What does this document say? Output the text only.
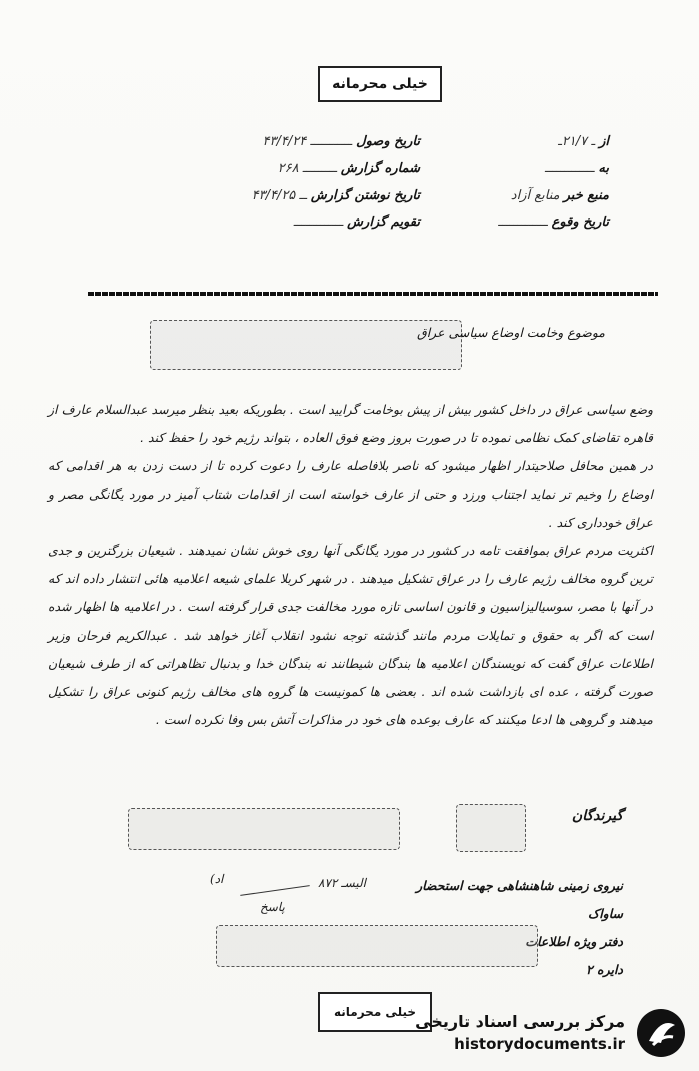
خیلی محرمانه
از
ـ ۲۱/۷ـ
به
ـــــــــــــ
منبع خبر
منابع آزاد
تاریخ وقوع
ـــــــــــــ
تاریخ وصول
ـــــــــــ
۴۳/۴/۲۴
شماره گزارش
ـــــــــ
۲۶۸
تاریخ نوشتن گزارش
ــ
۴۳/۴/۲۵
تقویم گزارش
ـــــــــــــ
موضوع وخامت اوضاع سیاسی عراق

وضع سیاسی عراق در داخل کشور بیش از پیش بوخامت گرایید است . بطوریکه بعید بنظر میرسد عبدالسلام عارف از قاهره تقاضای کمک نظامی نموده تا در صورت بروز وضع فوق العاده ، بتواند رژیم خود را حفظ کند .

در همین محافل صلاحیتدار اظهار میشود که ناصر بلافاصله عارف را دعوت کرده تا از دست زدن به هر اقدامی که اوضاع را وخیم تر نماید اجتناب ورزد و حتی از عارف خواسته است از اقدامات شتاب آمیز در مورد یگانگی مصر و عراق خودداری کند .

اکثریت مردم عراق بموافقت تامه در کشور در مورد یگانگی آنها روی خوش نشان نمیدهند . شیعیان بزرگترین و جدی ترین گروه مخالف رژیم عارف را در عراق تشکیل میدهند . در شهر کربلا علمای شیعه اعلامیه هائی انتشار داده اند که در آنها با مصر، سوسیالیزاسیون و قانون اساسی تازه مورد مخالفت جدی قرار گرفته است . در اعلامیه ها اظهار شده است که اگر به حقوق و تمایلات مردم مانند گذشته توجه نشود انقلاب آغاز خواهد شد . عبدالکریم فرحان وزیر اطلاعات عراق گفت که نویسندگان اعلامیه ها بندگان شیطانند نه بندگان خدا و بدنبال تظاهراتی که از طرف شیعیان صورت گرفته ، عده ای بازداشت شده اند . بعضی ها کمونیست ها گروه های مخالف رژیم کنونی عراق را تشکیل میدهند و گروهی ها ادعا میکنند که عارف بوعده های خود در مذاکرات آتش بس وفا نکرده است .

گیرندگان
نیروی زمینی شاهنشاهی جهت استحضار
ساواک
دفتر ویژه اطلاعات
دایره ۲
(اد	الیسـ ۸۷۲
پاسخ
خیلی محرمانه مرکز بررسی اسناد تاریخی
historydocuments.ir
